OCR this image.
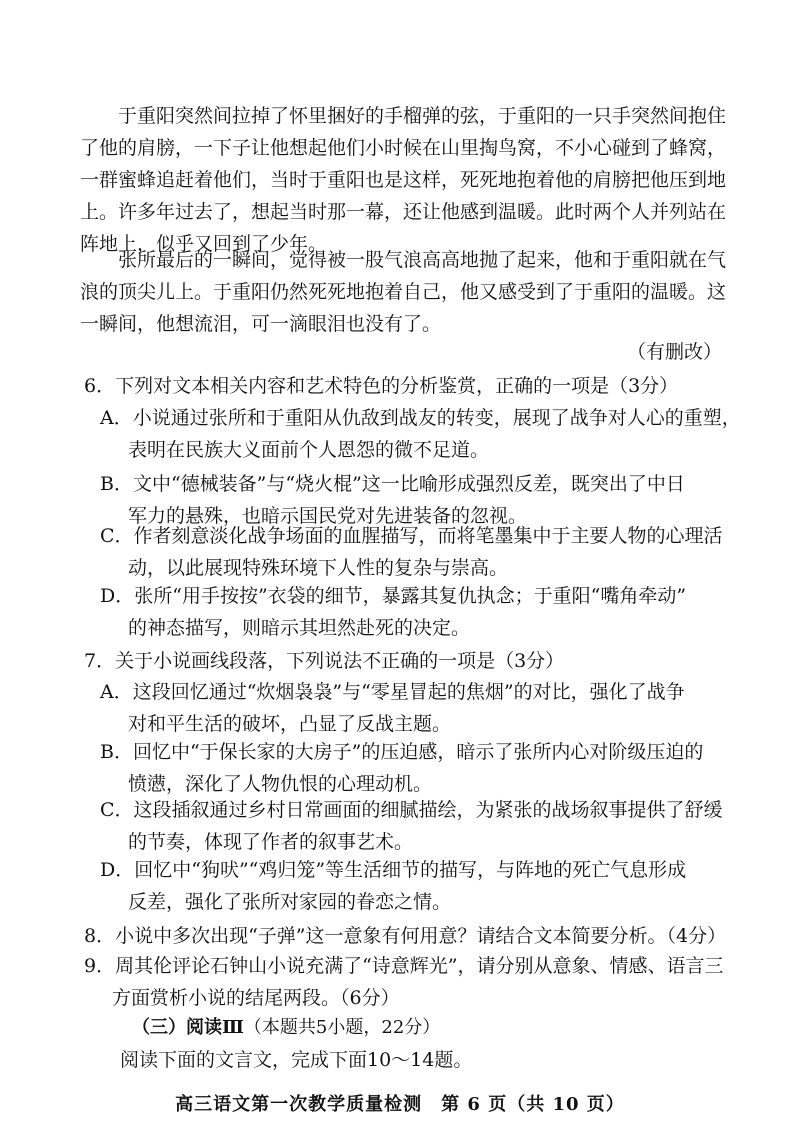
于重阳突然间拉掉了怀里捆好的手榴弹的弦，于重阳的一只手突然间抱住
了他的肩膀，一下子让他想起他们小时候在山里掏鸟窝，不小心碰到了蜂窝，
一群蜜蜂追赶着他们，当时于重阳也是这样，死死地抱着他的肩膀把他压到地
上。许多年过去了，想起当时那一幕，还让他感到温暖。此时两个人并列站在
阵地上，似乎又回到了少年。
张所最后的一瞬间，觉得被一股气浪高高地抛了起来，他和于重阳就在气
浪的顶尖儿上。于重阳仍然死死地抱着自己，他又感受到了于重阳的温暖。这
一瞬间，他想流泪，可一滴眼泪也没有了。
（有删改）
6．下列对文本相关内容和艺术特色的分析鉴赏，正确的一项是（3分）
A．小说通过张所和于重阳从仇敌到战友的转变，展现了战争对人心的重塑，
表明在民族大义面前个人恩怨的微不足道。
B．文中“德械装备”与“烧火棍”这一比喻形成强烈反差，既突出了中日
军力的悬殊，也暗示国民党对先进装备的忽视。
C．作者刻意淡化战争场面的血腥描写，而将笔墨集中于主要人物的心理活
动，以此展现特殊环境下人性的复杂与崇高。
D．张所“用手按按”衣袋的细节，暴露其复仇执念；于重阳“嘴角牵动”
的神态描写，则暗示其坦然赴死的决定。
7．关于小说画线段落，下列说法不正确的一项是（3分）
A．这段回忆通过“炊烟袅袅”与“零星冒起的焦烟”的对比，强化了战争
对和平生活的破坏，凸显了反战主题。
B．回忆中“于保长家的大房子”的压迫感，暗示了张所内心对阶级压迫的
愤懑，深化了人物仇恨的心理动机。
C．这段插叙通过乡村日常画面的细腻描绘，为紧张的战场叙事提供了舒缓
的节奏，体现了作者的叙事艺术。
D．回忆中“狗吠”“鸡归笼”等生活细节的描写，与阵地的死亡气息形成
反差，强化了张所对家园的眷恋之情。
8．小说中多次出现“子弹”这一意象有何用意？请结合文本简要分析。（4分）
9．周其伦评论石钟山小说充满了“诗意辉光”，请分别从意象、情感、语言三
方面赏析小说的结尾两段。（6分）
（三）阅读Ⅲ（本题共5小题，22分）
阅读下面的文言文，完成下面10～14题。
高三语文第一次教学质量检测　第 6 页（共 10 页）
